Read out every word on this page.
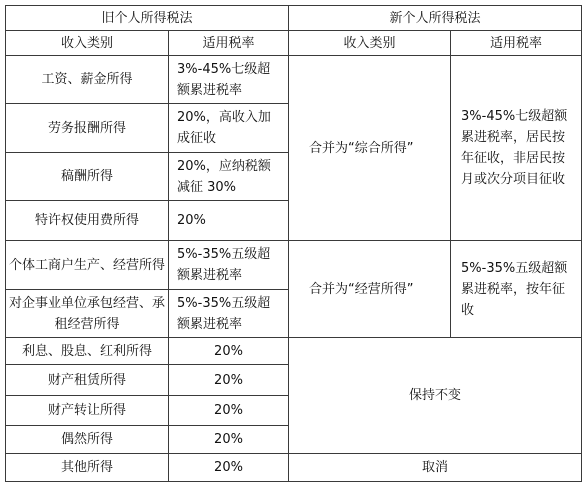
旧个人所得税法		新个人所得税法	
收入类别	适用税率	收入类别	适用税率
工资、薪金所得	3%-45%七级超额累进税率	合并为“综合所得”	3%-45%七级超额累进税率，居民按年征收，非居民按月或次分项目征收
劳务报酬所得	20%，高收入加成征收		
稿酬所得	20%，应纳税额减征 30%		
特许权使用费所得	20%		
个体工商户生产、经营所得	5%-35%五级超额累进税率	合并为“经营所得”	5%-35%五级超额累进税率，按年征收
对企事业单位承包经营、承租经营所得	5%-35%五级超额累进税率		
利息、股息、红利所得	20%	保持不变	
财产租赁所得	20%		
财产转让所得	20%		
偶然所得	20%		
其他所得	20%	取消	
